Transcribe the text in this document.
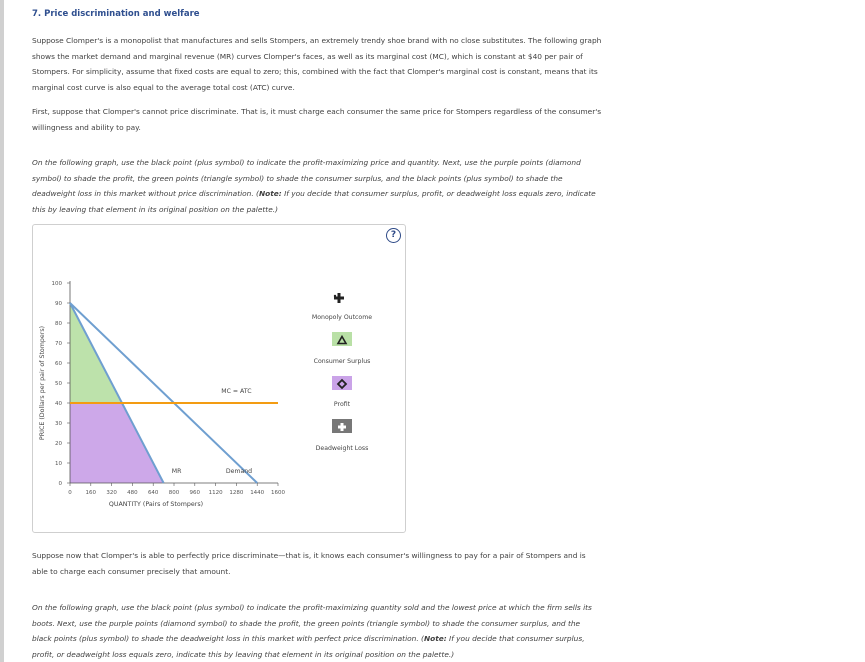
7. Price discrimination and welfare
Suppose Clomper's is a monopolist that manufactures and sells Stompers, an extremely trendy shoe brand with no close substitutes. The following graph shows the market demand and marginal revenue (MR) curves Clomper's faces, as well as its marginal cost (MC), which is constant at $40 per pair of Stompers. For simplicity, assume that fixed costs are equal to zero; this, combined with the fact that Clomper's marginal cost is constant, means that its marginal cost curve is also equal to the average total cost (ATC) curve.
First, suppose that Clomper's cannot price discriminate. That is, it must charge each consumer the same price for Stompers regardless of the consumer's willingness and ability to pay.
On the following graph, use the black point (plus symbol) to indicate the profit-maximizing price and quantity. Next, use the purple points (diamond symbol) to shade the profit, the green points (triangle symbol) to shade the consumer surplus, and the black points (plus symbol) to shade the deadweight loss in this market without price discrimination. (Note: If you decide that consumer surplus, profit, or deadweight loss equals zero, indicate this by leaving that element in its original position on the palette.)
0
10
20
30
40
50
60
70
80
90
100
0	160 320 480 640 800 960 1120 1280 1440 1600
MC = ATC
MR	Demand
QUANTITY (Pairs of Stompers)
PRICE (Dollars per pair of Stompers)
?
Monopoly Outcome
Consumer Surplus
Profit
Deadweight Loss
Suppose now that Clomper's is able to perfectly price discriminate—that is, it knows each consumer's willingness to pay for a pair of Stompers and is able to charge each consumer precisely that amount.
On the following graph, use the black point (plus symbol) to indicate the profit-maximizing quantity sold and the lowest price at which the firm sells its boots. Next, use the purple points (diamond symbol) to shade the profit, the green points (triangle symbol) to shade the consumer surplus, and the black points (plus symbol) to shade the deadweight loss in this market with perfect price discrimination. (Note: If you decide that consumer surplus, profit, or deadweight loss equals zero, indicate this by leaving that element in its original position on the palette.)
